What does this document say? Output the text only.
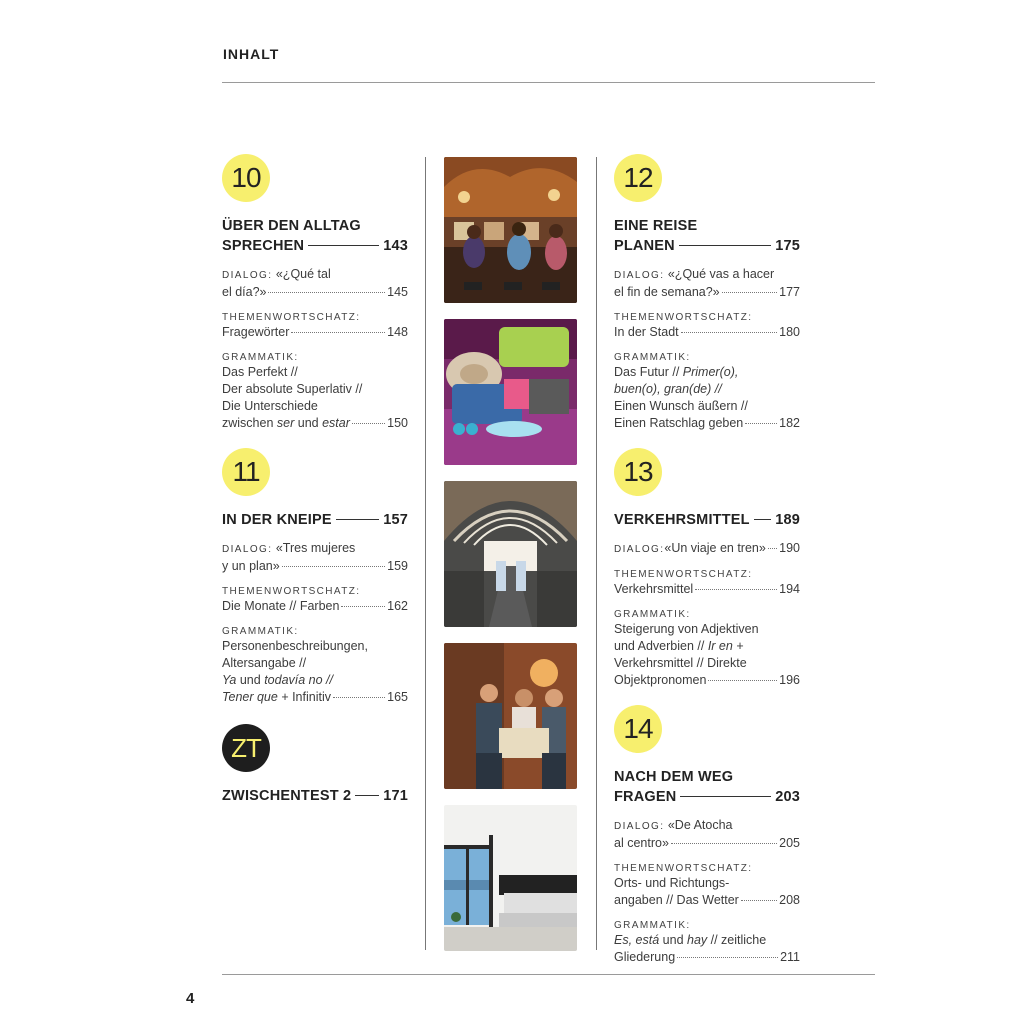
INHALT
10
ÜBER DEN ALLTAG
SPRECHEN	143
DIALOG: «¿Qué tal
el día?»	145
THEMENWORTSCHATZ:
Fragewörter	148
GRAMMATIK:
Das Perfekt //
Der absolute Superlativ //
Die Unterschiede
zwischen ser und estar	150
11
IN DER KNEIPE	157
DIALOG: «Tres mujeres
y un plan»	159
THEMENWORTSCHATZ:
Die Monate // Farben	162
GRAMMATIK:
Personenbeschreibungen,
Altersangabe //
Ya und todavía no //
Tener que + Infinitiv	165
ZT
ZWISCHENTEST 2 171
12
EINE REISE
PLANEN	175
DIALOG: «¿Qué vas a hacer
el fin de semana?»	177
THEMENWORTSCHATZ:
In der Stadt	180
GRAMMATIK:
Das Futur // Primer(o),
buen(o), gran(de) //
Einen Wunsch äußern //
Einen Ratschlag geben	182
13
VERKEHRSMITTEL 189
DIALOG:«Un viaje en tren» 190
THEMENWORTSCHATZ:
Verkehrsmittel	194
GRAMMATIK:
Steigerung von Adjektiven
und Adverbien // Ir en +
Verkehrsmittel // Direkte
Objektpronomen	196
14
NACH DEM WEG
FRAGEN	203
DIALOG: «De Atocha
al centro»	205
THEMENWORTSCHATZ:
Orts- und Richtungs-
angaben // Das Wetter	208
GRAMMATIK:
Es, está und hay // zeitliche
Gliederung	211
4
